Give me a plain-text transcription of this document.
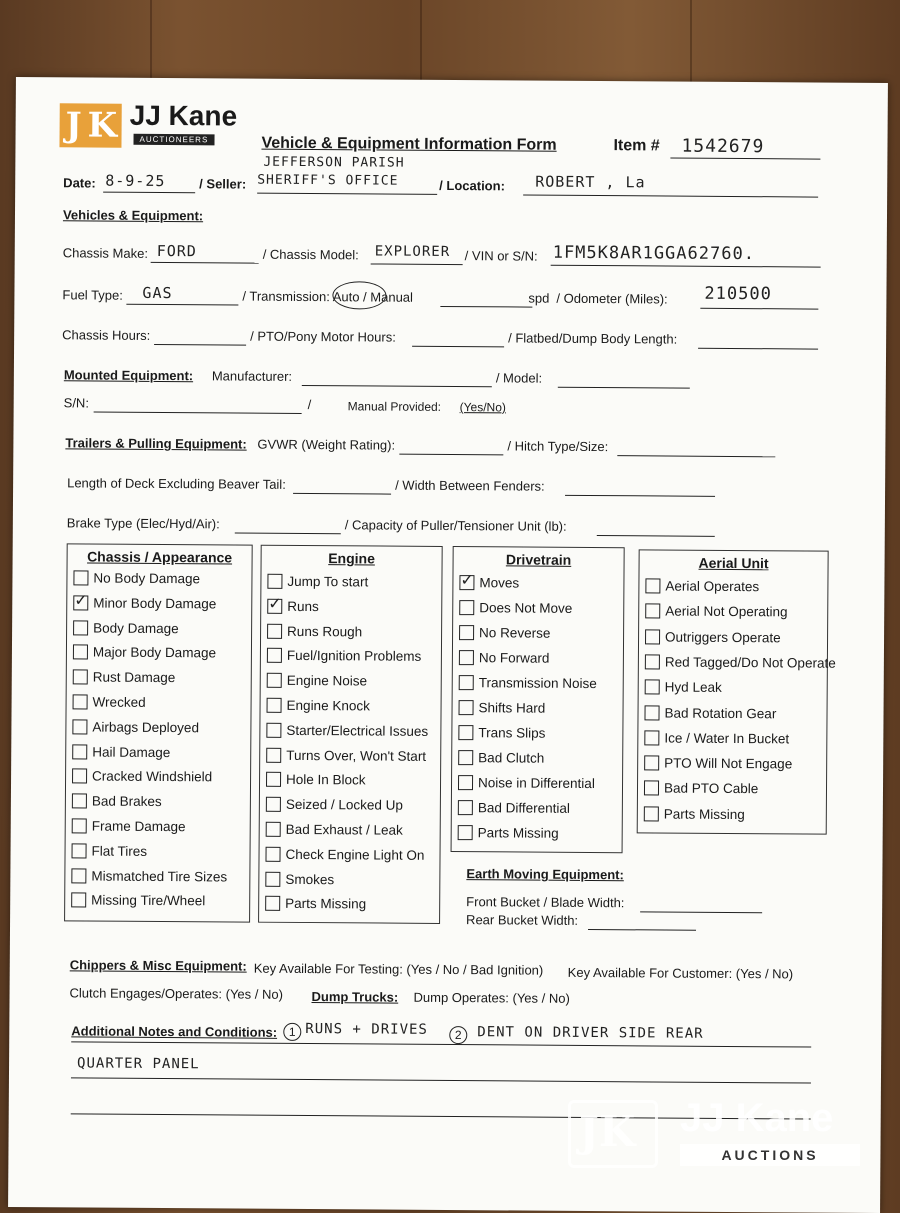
J K JJ Kane
AUCTIONEERS	Vehicle & Equipment Information Form	Item # 1542679
Date: 8-9-25	/ Seller:
JEFFERSON PARISH
SHERIFF'S OFFICE	/ Location: ROBERT , La
Vehicles & Equipment:
Chassis Make: FORD	/ Chassis Model: EXPLORER / VIN or S/N: 1FM5K8AR1GGA62760.
Fuel Type: GAS	/ Transmission: Auto / Manual	spd / Odometer (Miles): 210500
Chassis Hours:	/ PTO/Pony Motor Hours:	/ Flatbed/Dump Body Length:
Mounted Equipment: Manufacturer:	/ Model:
S/N:	/	Manual Provided: (Yes/No)
Trailers & Pulling Equipment: GVWR (Weight Rating):	/ Hitch Type/Size:
Length of Deck Excluding Beaver Tail:	/ Width Between Fenders:
Brake Type (Elec/Hyd/Air):	/ Capacity of Puller/Tensioner Unit (lb):
Chassis / Appearance
No Body Damage
✓
Minor Body Damage
Body Damage
Major Body Damage
Rust Damage
Wrecked
Airbags Deployed
Hail Damage
Cracked Windshield
Bad Brakes
Frame Damage
Flat Tires
Mismatched Tire Sizes
Missing Tire/Wheel
Engine
Jump To start
✓
Runs
Runs Rough
Fuel/Ignition Problems
Engine Noise
Engine Knock
Starter/Electrical Issues
Turns Over, Won't Start
Hole In Block
Seized / Locked Up
Bad Exhaust / Leak
Check Engine Light On
Smokes
Parts Missing
Drivetrain
✓
Moves
Does Not Move
No Reverse
No Forward
Transmission Noise
Shifts Hard
Trans Slips
Bad Clutch
Noise in Differential
Bad Differential
Parts Missing
Aerial Unit
Aerial Operates
Aerial Not Operating
Outriggers Operate
Red Tagged/Do Not Operate
Hyd Leak
Bad Rotation Gear
Ice / Water In Bucket
PTO Will Not Engage
Bad PTO Cable
Parts Missing
Earth Moving Equipment:
Front Bucket / Blade Width:
Rear Bucket Width:
Chippers & Misc Equipment: Key Available For Testing: (Yes / No / Bad Ignition) Key Available For Customer: (Yes / No)
Clutch Engages/Operates: (Yes / No) Dump Trucks: Dump Operates: (Yes / No)
Additional Notes and Conditions: 1 RUNS + DRIVES	2	DENT ON DRIVER SIDE REAR
QUARTER PANEL
JK JJ Kane
AUCTIONS
